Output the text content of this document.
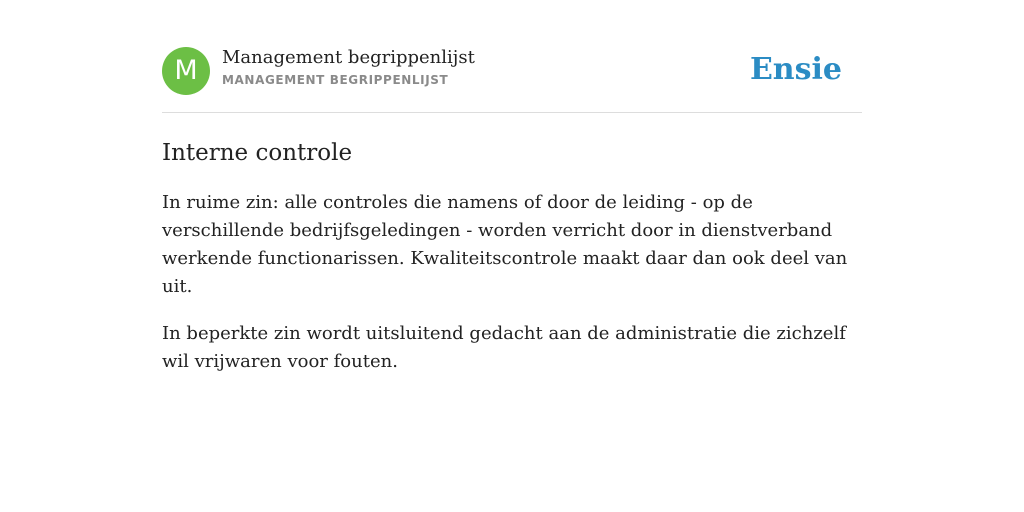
M	Management begrippenlijst
MANAGEMENT BEGRIPPENLIJST	Ensie
Interne controle

In ruime zin: alle controles die namens of door de leiding - op de verschillende bedrijfsgeledingen - worden verricht door in dienstverband werkende functionarissen. Kwaliteitscontrole maakt daar dan ook deel van uit.

In beperkte zin wordt uitsluitend gedacht aan de administratie die zichzelf wil vrijwaren voor fouten.
